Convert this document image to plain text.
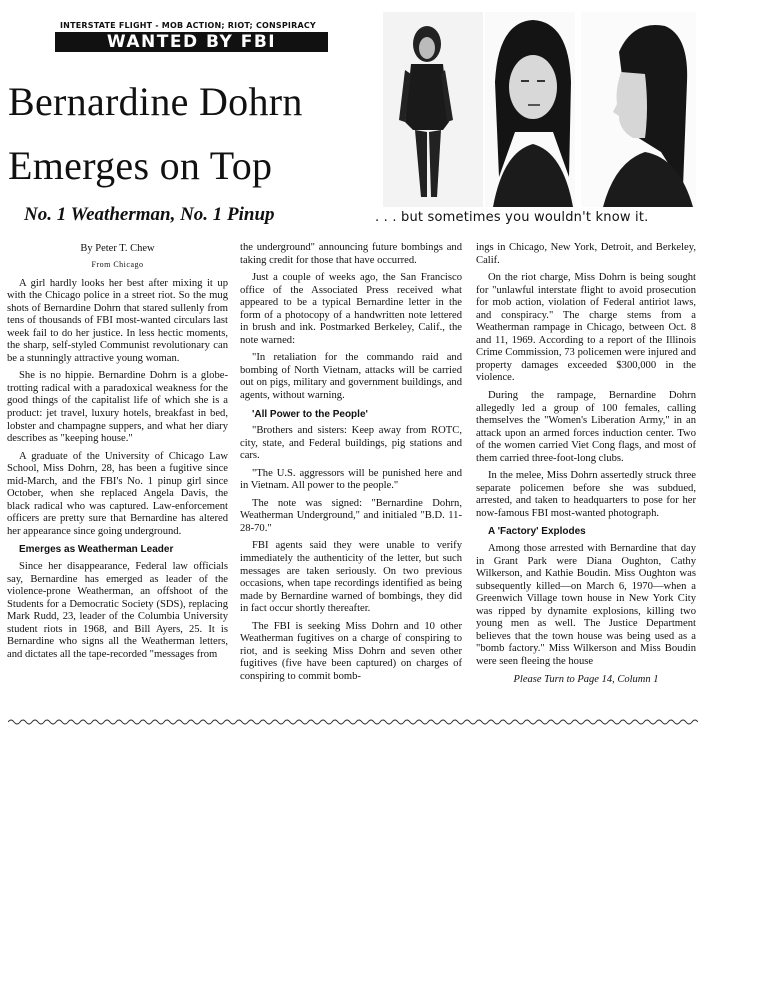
INTERSTATE FLIGHT - MOB ACTION; RIOT; CONSPIRACY
WANTED BY FBI
Bernardine Dohrn
Emerges on Top
No. 1 Weatherman, No. 1 Pinup	. . . but sometimes you wouldn't know it.
By Peter T. Chew
From Chicago

A girl hardly looks her best after mixing it up with the Chicago police in a street riot. So the mug shots of Bernardine Dohrn that stared sullenly from tens of thousands of FBI most-wanted circulars last week fail to do her justice. In less hectic moments, the sharp, self-styled Communist revolutionary can be a stunningly attractive young woman.

She is no hippie. Bernardine Dohrn is a globe-trotting radical with a paradoxical weakness for the good things of the capitalist life of which she is a product: jet travel, luxury hotels, breakfast in bed, lobster and champagne suppers, and what her diary describes as "keeping house."

A graduate of the University of Chicago Law School, Miss Dohrn, 28, has been a fugitive since mid-March, and the FBI's No. 1 pinup girl since October, when she replaced Angela Davis, the black radical who was captured. Law-enforcement officers are pretty sure that Bernardine has altered her appearance since going underground.

Emerges as Weatherman Leader

Since her disappearance, Federal law officials say, Bernardine has emerged as leader of the violence-prone Weatherman, an offshoot of the Students for a Democratic Society (SDS), replacing Mark Rudd, 23, leader of the Columbia University student riots in 1968, and Bill Ayers, 25. It is Bernardine who signs all the Weatherman letters, and dictates all the tape-recorded "messages from

the underground" announcing future bombings and taking credit for those that have occurred.

Just a couple of weeks ago, the San Francisco office of the Associated Press received what appeared to be a typical Bernardine letter in the form of a photocopy of a handwritten note lettered in brush and ink. Postmarked Berkeley, Calif., the note warned:

"In retaliation for the commando raid and bombing of North Vietnam, attacks will be carried out on pigs, military and government buildings, and agents, without warning.

'All Power to the People'

"Brothers and sisters: Keep away from ROTC, city, state, and Federal buildings, pig stations and cars.

"The U.S. aggressors will be punished here and in Vietnam. All power to the people."

The note was signed: "Bernardine Dohrn, Weatherman Underground," and initialed "B.D. 11-28-70."

FBI agents said they were unable to verify immediately the authenticity of the letter, but such messages are taken seriously. On two previous occasions, when tape recordings identified as being made by Bernardine warned of bombings, they did in fact occur shortly thereafter.

The FBI is seeking Miss Dohrn and 10 other Weatherman fugitives on a charge of conspiring to riot, and is seeking Miss Dohrn and seven other fugitives (five have been captured) on charges of conspiring to commit bomb-

ings in Chicago, New York, Detroit, and Berkeley, Calif.

On the riot charge, Miss Dohrn is being sought for "unlawful interstate flight to avoid prosecution for mob action, violation of Federal antiriot laws, and conspiracy." The charge stems from a Weatherman rampage in Chicago, between Oct. 8 and 11, 1969. According to a report of the Illinois Crime Commission, 73 policemen were injured and property damages exceeded $300,000 in the violence.

During the rampage, Bernardine Dohrn allegedly led a group of 100 females, calling themselves the "Women's Liberation Army," in an attack upon an armed forces induction center. Two of the women carried Viet Cong flags, and most of them carried three-foot-long clubs.

In the melee, Miss Dohrn assertedly struck three separate policemen before she was subdued, arrested, and taken to headquarters to pose for her now-famous FBI most-wanted photograph.

A 'Factory' Explodes

Among those arrested with Bernardine that day in Grant Park were Diana Oughton, Cathy Wilkerson, and Kathie Boudin. Miss Oughton was subsequently killed—on March 6, 1970—when a Greenwich Village town house in New York City was ripped by dynamite explosions, killing two young men as well. The Justice Department believes that the town house was being used as a "bomb factory." Miss Wilkerson and Miss Boudin were seen fleeing the house

Please Turn to Page 14, Column 1
